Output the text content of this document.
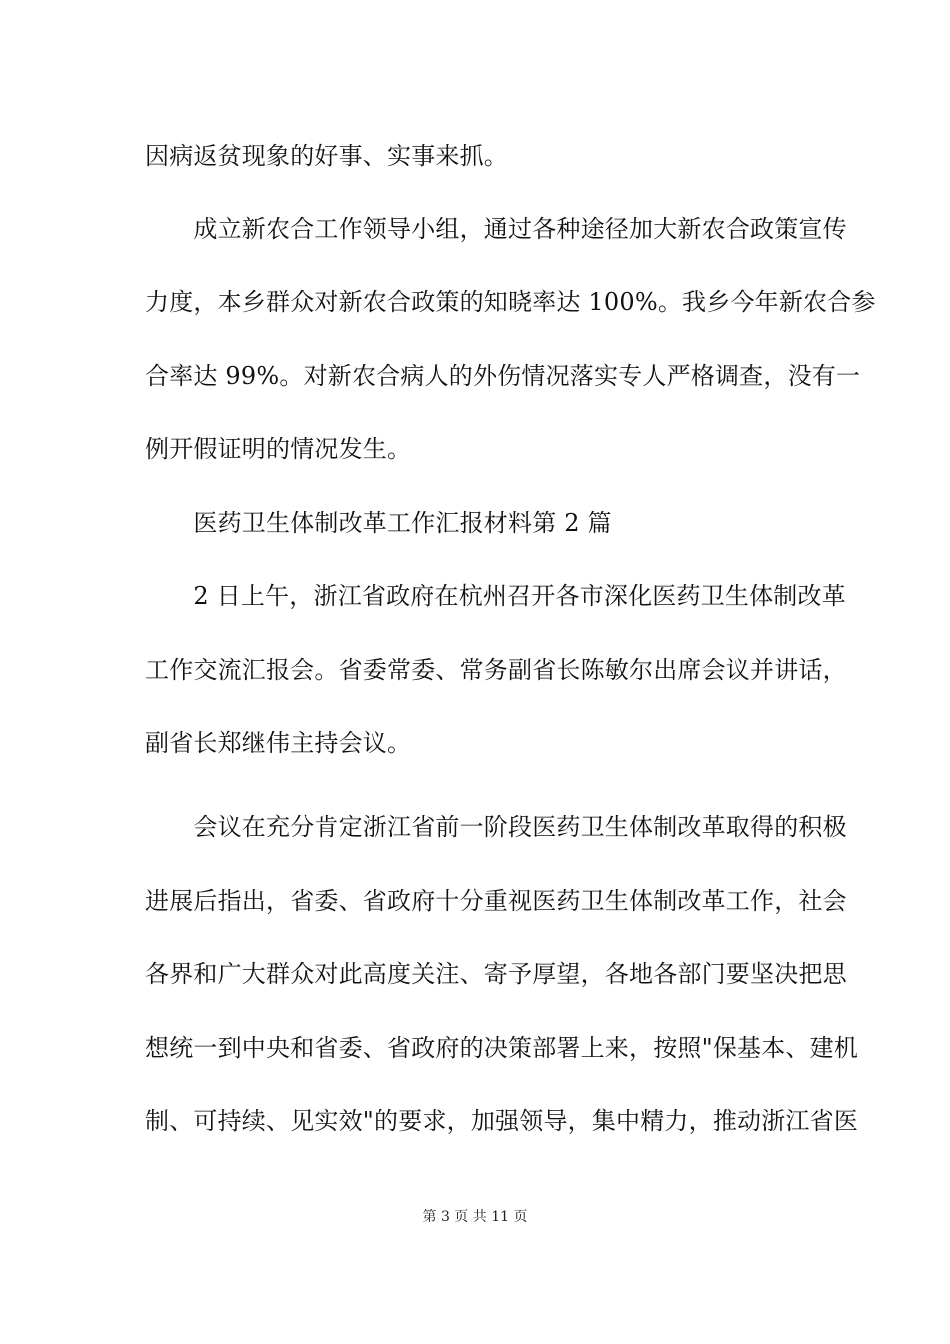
因病返贫现象的好事、实事来抓。
　　成立新农合工作领导小组，通过各种途径加大新农合政策宣传
力度，本乡群众对新农合政策的知晓率达 100%。我乡今年新农合参
合率达 99%。对新农合病人的外伤情况落实专人严格调查，没有一
例开假证明的情况发生。
　　医药卫生体制改革工作汇报材料第 2 篇
　　2 日上午，浙江省政府在杭州召开各市深化医药卫生体制改革
工作交流汇报会。省委常委、常务副省长陈敏尔出席会议并讲话，
副省长郑继伟主持会议。
　　会议在充分肯定浙江省前一阶段医药卫生体制改革取得的积极
进展后指出，省委、省政府十分重视医药卫生体制改革工作，社会
各界和广大群众对此高度关注、寄予厚望，各地各部门要坚决把思
想统一到中央和省委、省政府的决策部署上来，按照"保基本、建机
制、可持续、见实效"的要求，加强领导，集中精力，推动浙江省医
第 3 页 共 11 页
